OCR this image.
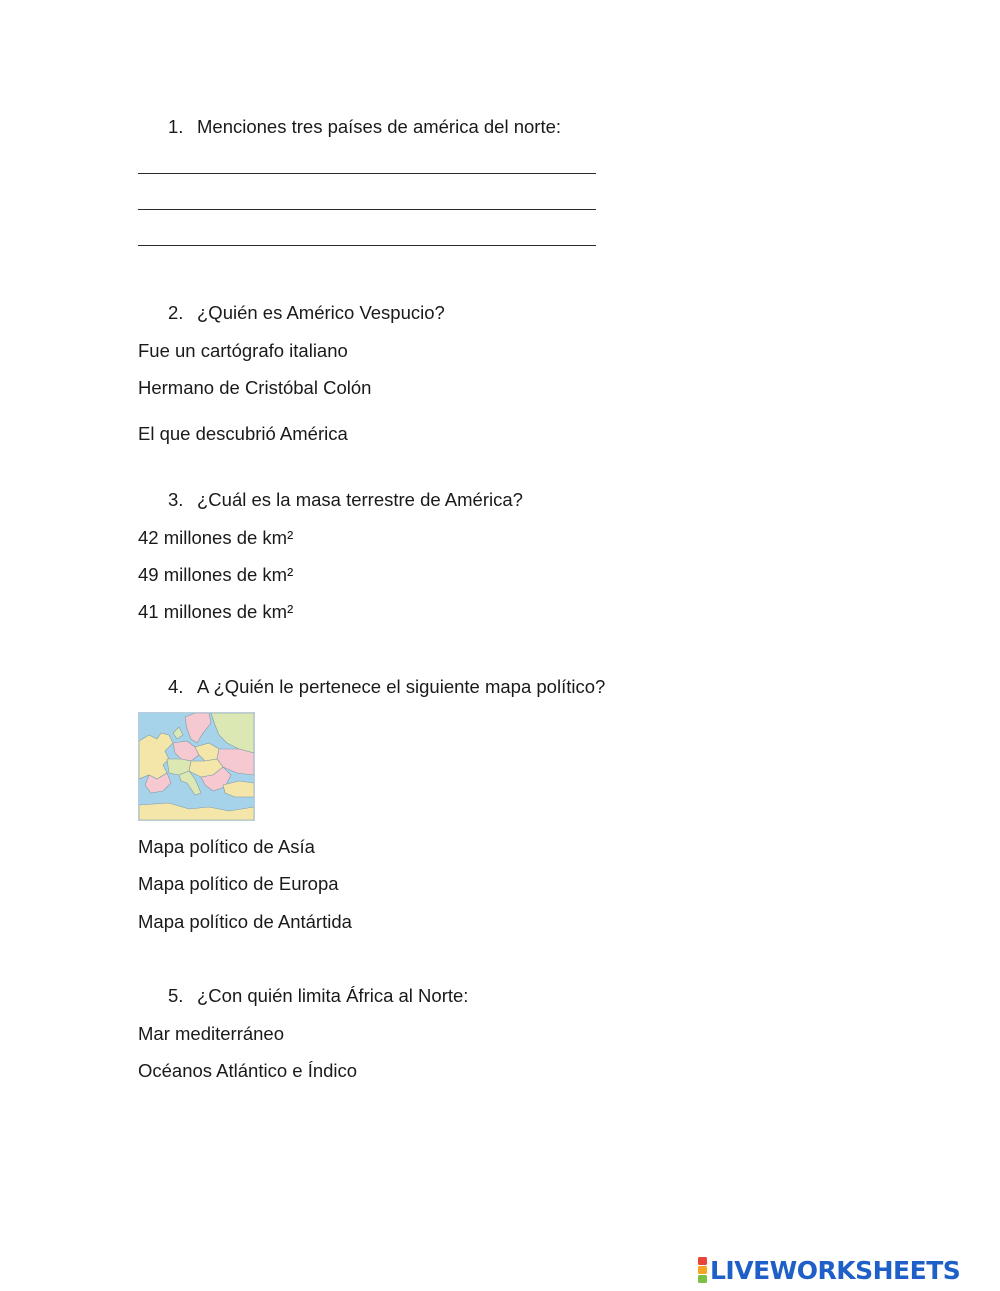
1. Menciones tres países de américa del norte:
2. ¿Quién es Américo Vespucio?
Fue un cartógrafo italiano
Hermano de Cristóbal Colón
El que descubrió América
3. ¿Cuál es la masa terrestre de América?
42 millones de km²
49 millones de km²
41 millones de km²
4. A ¿Quién le pertenece el siguiente mapa político?
Mapa político de Asía
Mapa político de Europa
Mapa político de Antártida
5. ¿Con quién limita África al Norte:
Mar mediterráneo
Océanos Atlántico e Índico
LIVEWORKSHEETS
